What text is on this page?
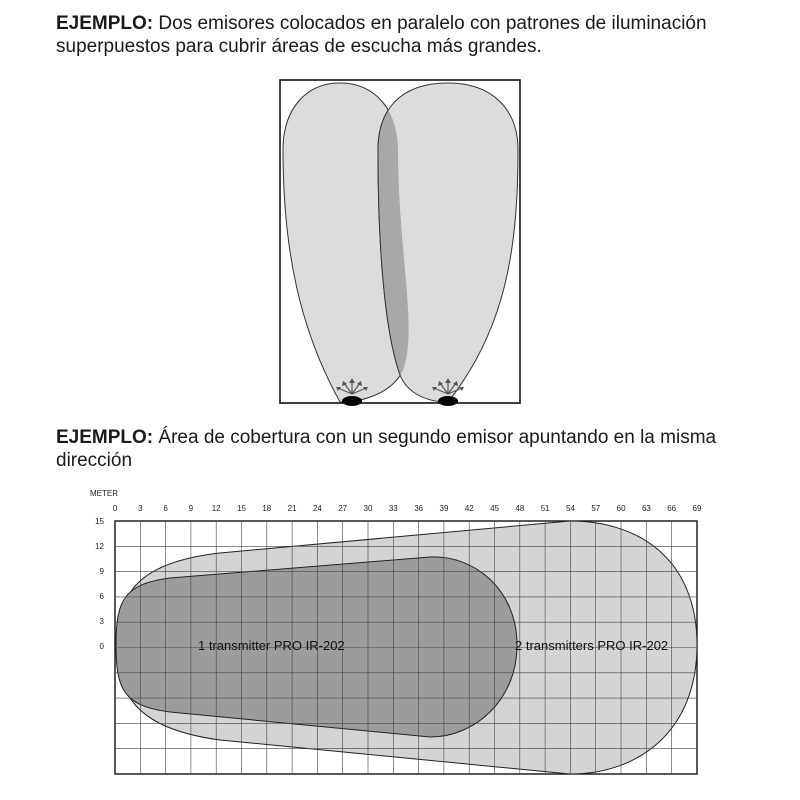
EJEMPLO: Dos emisores colocados en paralelo con patrones de iluminación superpuestos para cubrir áreas de escucha más grandes.

EJEMPLO: Área de cobertura con un segundo emisor apuntando en la misma dirección

METER
0	3	6	9 12 15 18 21 24 27 30 33 36 39 42 45 48 51 54 57 60 63 66 69
15
12
9
6
3
0	1 transmitter PRO IR-202	2 transmitters PRO IR-202
